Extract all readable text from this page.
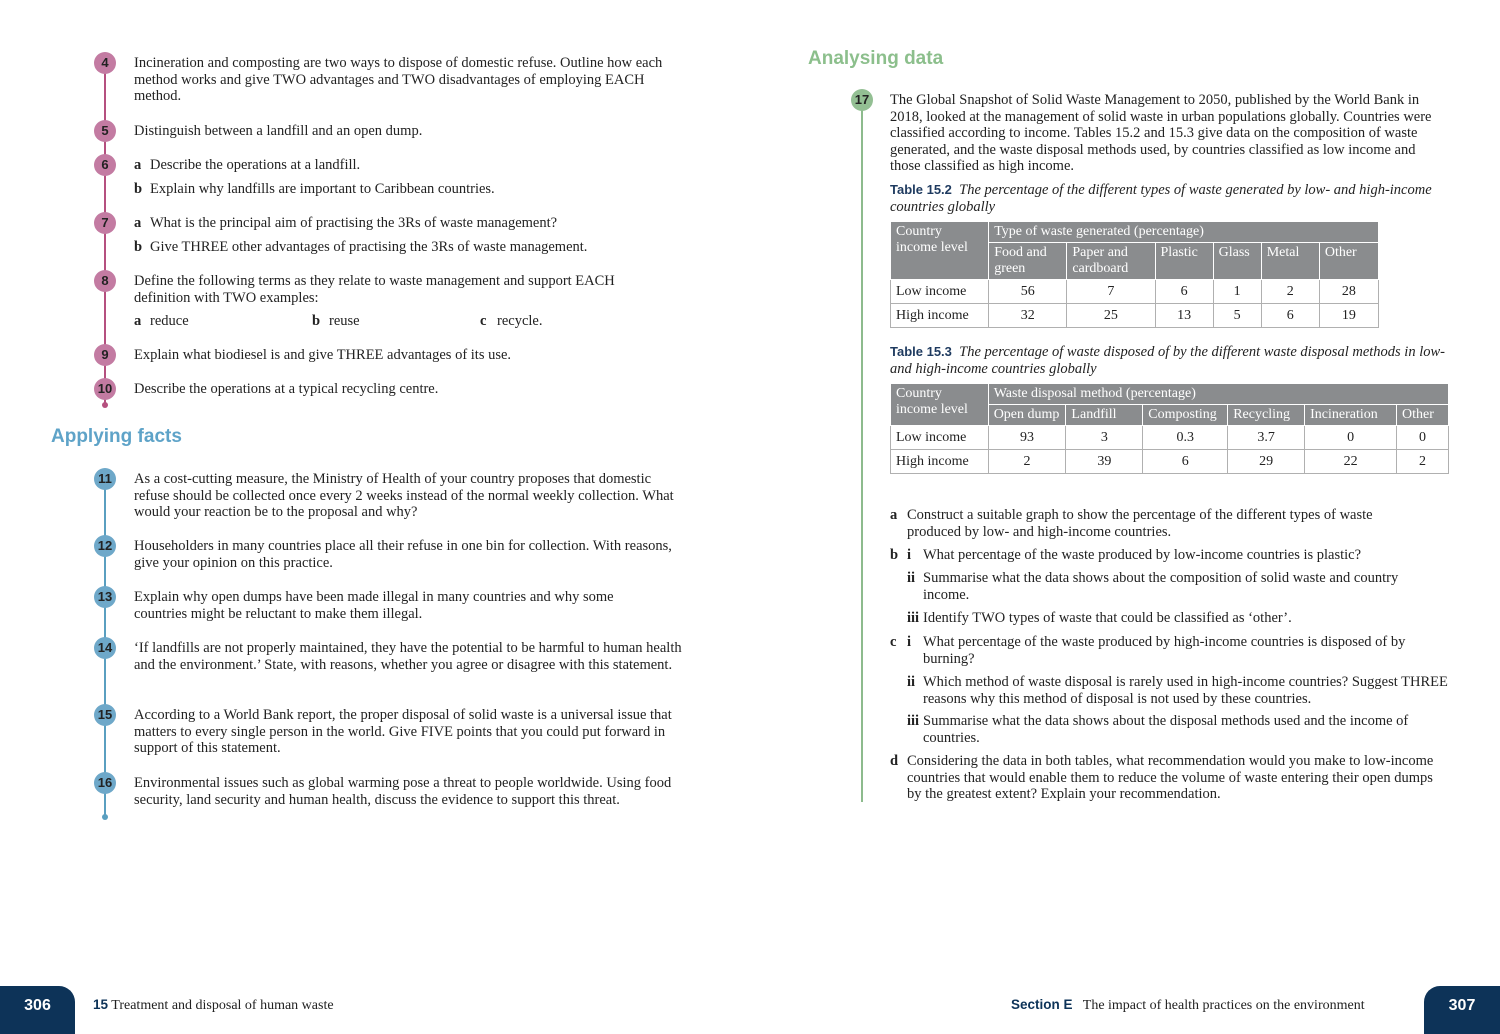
4	Incineration and composting are two ways to dispose of domestic refuse. Outline how each method works and give TWO advantages and TWO disadvantages of employing EACH method.
5	Distinguish between a landfill and an open dump.
6	a Describe the operations at a landfill.
b Explain why landfills are important to Caribbean countries.
7	a What is the principal aim of practising the 3Rs of waste management?
b Give THREE other advantages of practising the 3Rs of waste management.
8	Define the following terms as they relate to waste management and support EACH definition with TWO examples:
a reduce	b reuse	c recycle.
9	Explain what biodiesel is and give THREE advantages of its use.
10 Describe the operations at a typical recycling centre.
Applying facts
11 As a cost-cutting measure, the Ministry of Health of your country proposes that domestic refuse should be collected once every 2 weeks instead of the normal weekly collection. What would your reaction be to the proposal and why?
12 Householders in many countries place all their refuse in one bin for collection. With reasons, give your opinion on this practice.
13 Explain why open dumps have been made illegal in many countries and why some countries might be reluctant to make them illegal.
14 ‘If landfills are not properly maintained, they have the potential to be harmful to human health and the environment.’ State, with reasons, whether you agree or disagree with this statement.
15 According to a World Bank report, the proper disposal of solid waste is a universal issue that matters to every single person in the world. Give FIVE points that you could put forward in support of this statement.
16 Environmental issues such as global warming pose a threat to people worldwide. Using food security, land security and human health, discuss the evidence to support this threat.
Analysing data
17 The Global Snapshot of Solid Waste Management to 2050, published by the World Bank in 2018, looked at the management of solid waste in urban populations globally. Countries were classified according to income. Tables 15.2 and 15.3 give data on the composition of waste generated, and the waste disposal methods used, by countries classified as low income and those classified as high income.
Table 15.2 The percentage of the different types of waste generated by low- and high-income countries globally
Country income level	Type of waste generated (percentage)					
	Food and green	Paper and cardboard	Plastic	Glass	Metal	Other
Low income	56	7	6	1	2	28
High income	32	25	13	5	6	19
Table 15.3 The percentage of waste disposed of by the different waste disposal methods in low- and high-income countries globally
Country income level	Waste disposal method (percentage)					
	Open dump	Landfill	Composting	Recycling	Incineration	Other
Low income	93	3	0.3	3.7	0	0
High income	2	39	6	29	22	2
a Construct a suitable graph to show the percentage of the different types of waste produced by low- and high-income countries.
b i What percentage of the waste produced by low-income countries is plastic?
ii Summarise what the data shows about the composition of solid waste and country income.
iii Identify TWO types of waste that could be classified as ‘other’.
c i What percentage of the waste produced by high-income countries is disposed of by burning?
ii Which method of waste disposal is rarely used in high-income countries? Suggest THREE reasons why this method of disposal is not used by these countries.
iii Summarise what the data shows about the disposal methods used and the income of countries.
d Considering the data in both tables, what recommendation would you make to low-income countries that would enable them to reduce the volume of waste entering their open dumps by the greatest extent? Explain your recommendation.
306	15 Treatment and disposal of human waste	Section E The impact of health practices on the environment	307
